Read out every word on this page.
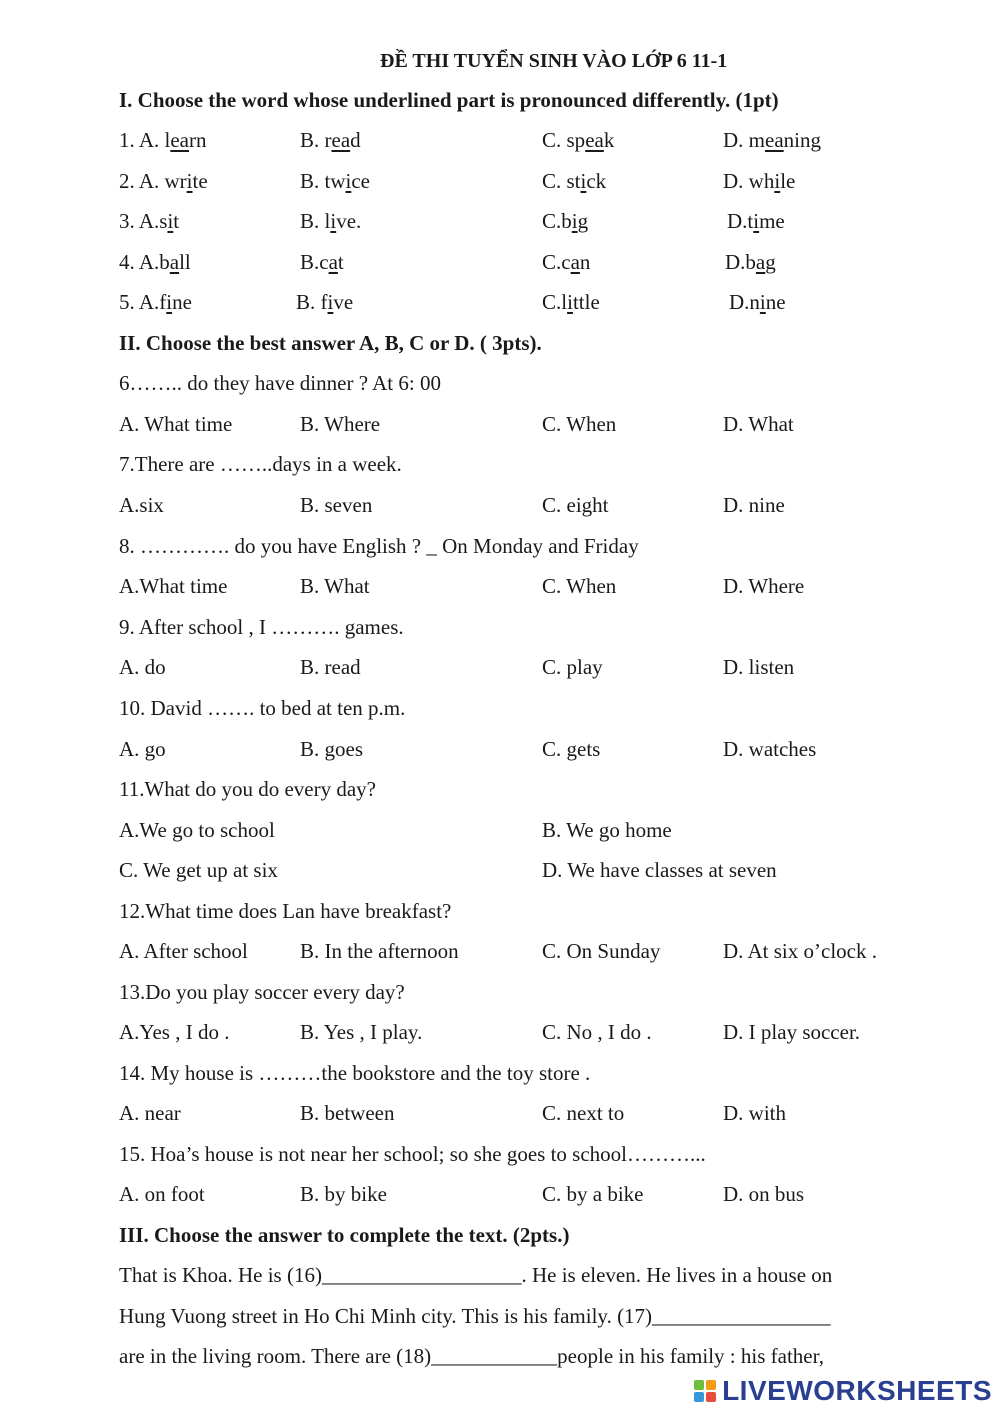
ĐỀ THI TUYỂN SINH VÀO LỚP 6 11-1
I. Choose the word whose underlined part is pronounced differently. (1pt)
1. A. learn	B. read	C. speak	D. meaning
2. A. write	B. twice	C. stick	D. while
3. A.sit	B. live.	C.big	D.time
4. A.ball	B.cat	C.can	D.bag
5. A.fine	B. five	C.little	D.nine
II. Choose the best answer A, B, C or D. ( 3pts).
6…….. do they have dinner ? At 6: 00
A. What time	B. Where	C. When	D. What
7.There are ……..days in a week.
A.six	B. seven	C. eight	D. nine
8. …………. do you have English ? _ On Monday and Friday
A.What time	B. What	C. When	D. Where
9. After school , I ………. games.
A. do	B. read	C. play	D. listen
10. David ……. to bed at ten p.m.
A. go	B. goes	C. gets	D. watches
11.What do you do every day?
A.We go to school	B. We go home
C. We get up at six	D. We have classes at seven
12.What time does Lan have breakfast?
A. After school B. In the afternoon	C. On Sunday	D. At six o’clock .
13.Do you play soccer every day?
A.Yes , I do .	B. Yes , I play.	C. No , I do .	D. I play soccer.
14. My house is ………the bookstore and the toy store .
A. near	B. between	C. next to	D. with
15. Hoa’s house is not near her school; so she goes to school………...
A. on foot	B. by bike	C. by a bike	D. on bus
III. Choose the answer to complete the text. (2pts.)
That is Khoa. He is (16)___________________. He is eleven. He lives in a house on
Hung Vuong street in Ho Chi Minh city. This is his family. (17)_________________
are in the living room. There are (18)____________people in his family : his father,
LIVEWORKSHEETS
